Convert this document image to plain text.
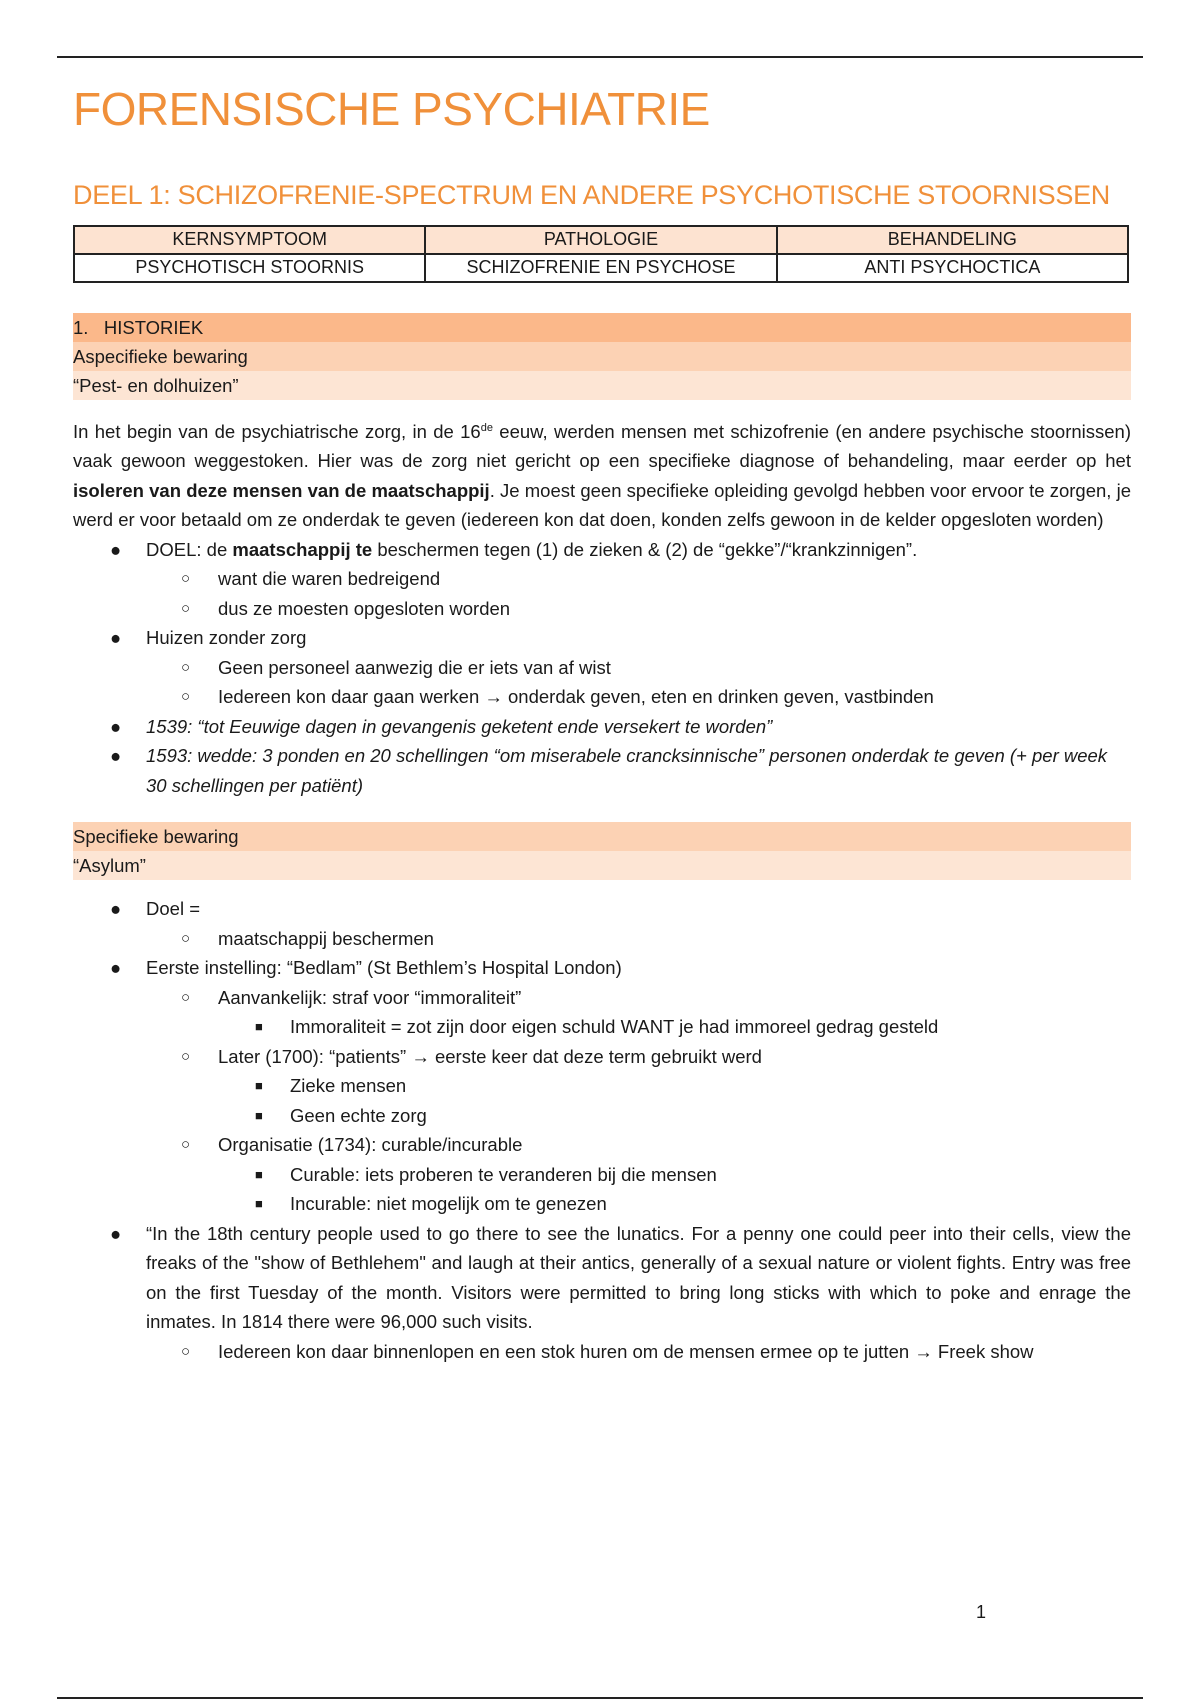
FORENSISCHE PSYCHIATRIE
DEEL 1: SCHIZOFRENIE-SPECTRUM EN ANDERE PSYCHOTISCHE STOORNISSEN
KERNSYMPTOOM	PATHOLOGIE	BEHANDELING
PSYCHOTISCH STOORNIS	SCHIZOFRENIE EN PSYCHOSE	ANTI PSYCHOCTICA
1. HISTORIEK
Aspecifieke bewaring
“Pest- en dolhuizen”
In het begin van de psychiatrische zorg, in de 16de eeuw, werden mensen met schizofrenie (en andere psychische stoornissen) vaak gewoon weggestoken. Hier was de zorg niet gericht op een specifieke diagnose of behandeling, maar eerder op het isoleren van deze mensen van de maatschappij. Je moest geen specifieke opleiding gevolgd hebben voor ervoor te zorgen, je werd er voor betaald om ze onderdak te geven (iedereen kon dat doen, konden zelfs gewoon in de kelder opgesloten worden)
● DOEL: de maatschappij te beschermen tegen (1) de zieken & (2) de “gekke”/“krankzinnigen”.
○ want die waren bedreigend
○ dus ze moesten opgesloten worden
● Huizen zonder zorg
○ Geen personeel aanwezig die er iets van af wist
○ Iedereen kon daar gaan werken → onderdak geven, eten en drinken geven, vastbinden
● 1539: “tot Eeuwige dagen in gevangenis geketent ende versekert te worden”
● 1593: wedde: 3 ponden en 20 schellingen “om miserabele crancksinnische” personen onderdak te geven (+ per week 30 schellingen per patiënt)
Specifieke bewaring
“Asylum”
● Doel =
○ maatschappij beschermen
● Eerste instelling: “Bedlam” (St Bethlem’s Hospital London)
○ Aanvankelijk: straf voor “immoraliteit”
■ Immoraliteit = zot zijn door eigen schuld WANT je had immoreel gedrag gesteld
○ Later (1700): “patients” → eerste keer dat deze term gebruikt werd
■ Zieke mensen
■ Geen echte zorg
○ Organisatie (1734): curable/incurable
■ Curable: iets proberen te veranderen bij die mensen
■ Incurable: niet mogelijk om te genezen
● “In the 18th century people used to go there to see the lunatics. For a penny one could peer into their cells, view the freaks of the "show of Bethlehem" and laugh at their antics, generally of a sexual nature or violent fights. Entry was free on the first Tuesday of the month. Visitors were permitted to bring long sticks with which to poke and enrage the inmates. In 1814 there were 96,000 such visits.
○ Iedereen kon daar binnenlopen en een stok huren om de mensen ermee op te jutten → Freek show
1
